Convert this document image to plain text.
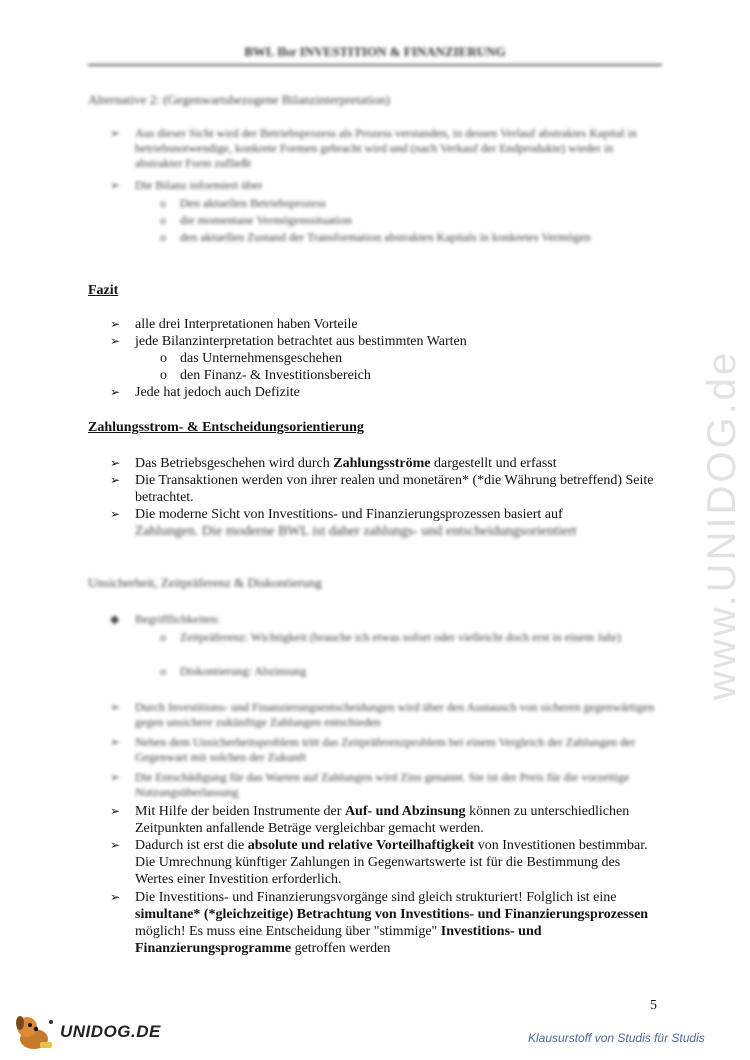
BWL Ilsr INVESTITION & FINANZIERUNG
Alternative 2: (Gegenwartsbezogene Bilanzinterpretation)
➢ Aus dieser Sicht wird der Betriebsprozess als Prozess verstanden, in dessen Verlauf abstraktes Kapital in betriebsnotwendige, konkrete Formen gebracht wird und (nach Verkauf der Endprodukte) wieder in abstrakter Form zufließt
➢ Die Bilanz informiert über
o Den aktuellen Betriebsprozess
o die momentane Vermögenssituation
o den aktuellen Zustand der Transformation abstrakten Kapitals in konkretes Vermögen
Fazit
➢ alle drei Interpretationen haben Vorteile
➢ jede Bilanzinterpretation betrachtet aus bestimmten Warten
o das Unternehmensgeschehen
o den Finanz- & Investitionsbereich
➢ Jede hat jedoch auch Defizite
Zahlungsstrom- & Entscheidungsorientierung
➢ Das Betriebsgeschehen wird durch Zahlungsströme dargestellt und erfasst
➢ Die Transaktionen werden von ihrer realen und monetären* (*die Währung betreffend) Seite betrachtet.
➢ Die moderne Sicht von Investitions- und Finanzierungsprozessen basiert auf
Zahlungen. Die moderne BWL ist daher zahlungs- und entscheidungsorientiert
Unsicherheit, Zeitpräferenz & Diskontierung
◆ Begrifflichkeiten:
o Zeitpräferenz: Wichtigkeit (brauche ich etwas sofort oder vielleicht doch erst in einem Jahr)
o Diskontierung: Abzinsung
➢ Durch Investitions- und Finanzierungsentscheidungen wird über den Austausch von sicheren gegenwärtigen gegen unsichere zukünftige Zahlungen entschieden
➢ Neben dem Unsicherheitsproblem tritt das Zeitpräferenzproblem bei einem Vergleich der Zahlungen der Gegenwart mit solchen der Zukunft
➢ Die Entschädigung für das Warten auf Zahlungen wird Zins genannt. Sie ist der Preis für die vorzeitige Nutzungsüberlassung
➢ Mit Hilfe der beiden Instrumente der Auf- und Abzinsung können zu unterschiedlichen Zeitpunkten anfallende Beträge vergleichbar gemacht werden.
➢ Dadurch ist erst die absolute und relative Vorteilhaftigkeit von Investitionen bestimmbar. Die Umrechnung künftiger Zahlungen in Gegenwartswerte ist für die Bestimmung des Wertes einer Investition erforderlich.
➢ Die Investitions- und Finanzierungsvorgänge sind gleich strukturiert! Folglich ist eine simultane* (*gleichzeitige) Betrachtung von Investitions- und Finanzierungsprozessen möglich! Es muss eine Entscheidung über "stimmige" Investitions- und Finanzierungsprogramme getroffen werden
www.UNIDOG.de
5
UNIDOG.DE	Klausurstoff von Studis für Studis
